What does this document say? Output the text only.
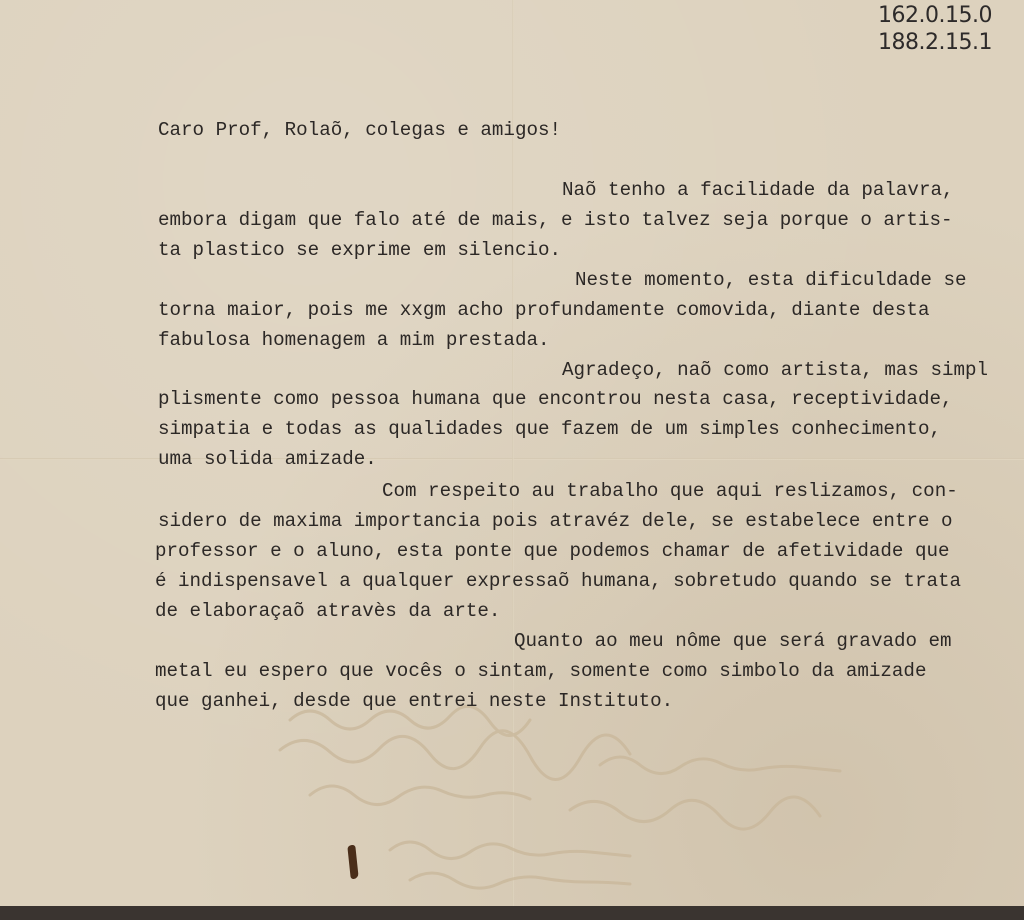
162.0.15.0
188.2.15.1
Caro Prof, Rolaõ, colegas e amigos!
Naõ tenho a facilidade da palavra,
embora digam que falo até de mais, e isto talvez seja porque o artis-
ta plastico se exprime em silencio.
Neste momento, esta dificuldade se
torna maior, pois me xxgm acho profundamente comovida, diante desta
fabulosa homenagem a mim prestada.
Agradeço, naõ como artista, mas simpl
plismente como pessoa humana que encontrou nesta casa, receptividade,
simpatia e todas as qualidades que fazem de um simples conhecimento,
uma solida amizade.
Com respeito au trabalho que aqui reslizamos, con-
sidero de maxima importancia pois atravéz dele, se estabelece entre o
professor e o aluno, esta ponte que podemos chamar de afetividade que
é indispensavel a qualquer expressaõ humana, sobretudo quando se trata
de elaboraçaõ atravès da arte.
Quanto ao meu nôme que será gravado em
metal eu espero que vocês o sintam, somente como simbolo da amizade
que ganhei, desde que entrei neste Instituto.
